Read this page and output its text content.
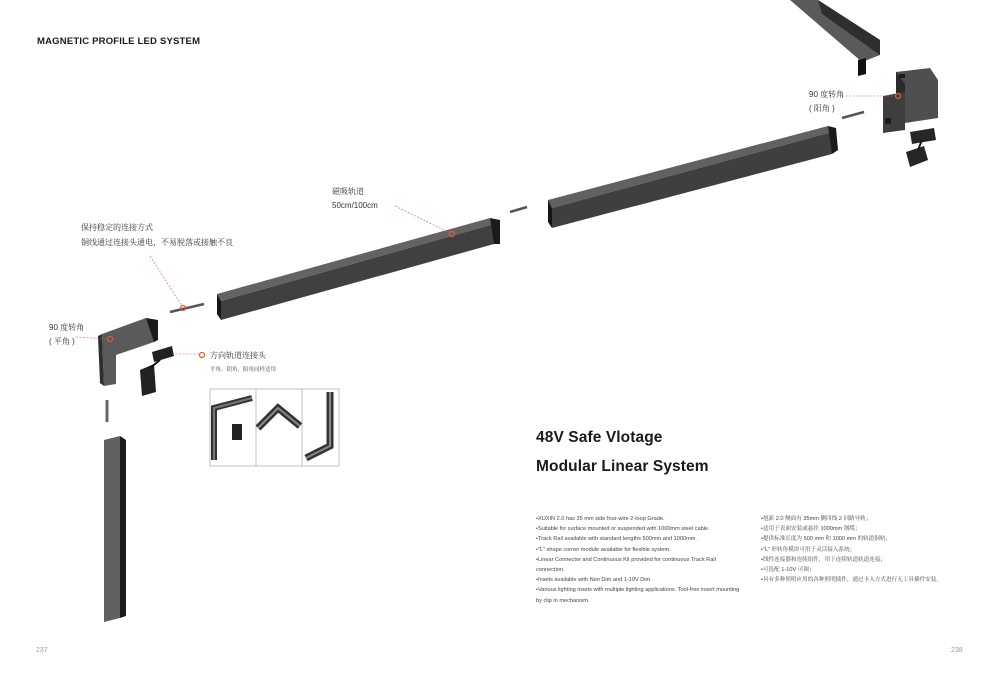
MAGNETIC PROFILE LED SYSTEM

90 度转角
( 阳角 )
磁吸轨道
50cm/100cm
保持稳定的连接方式
铜线通过连接头通电，不易脱落或接触不良
90 度转角
( 平角 )
方向轨道连接头
平角、阴角、阳角同样适用
48V Safe Vlotage
Modular Linear System
•XUXIN 2.0 has 35 mm side four-wire 2-loop Grade.
•Suitable for surface mounted or suspended with 1000mm steel cable.
•Track Rail available with standard lengths 500mm and 1000mm .
•"L" shape corner module available for flexible system.
•Linear Connector and Continuous Kit provided for continuous Track Rail
connection.
•Insets available with Non Dim and 1-10V Dim.
•Various lighting insets with multiple lighting applications. Tool-free insert mounting
by clip in mechanism.
•旭新 2.0 侧面有 35mm 侧四线 2 回路导轨；
•适用于表面安装或悬挂 1000mm 钢缆；
•提供标准长度为 500 mm 和 1000 mm 的轨道铜轨；
•“L” 形转角模块可用于灵活接入系统；
•线性连接器和连续组件，用于连续轨道轨道连接；
•可选配 1-10V 可调；
•具有多种照明应用的各种照明插件，通过卡入方式进行无工具插件安装。

237	238
